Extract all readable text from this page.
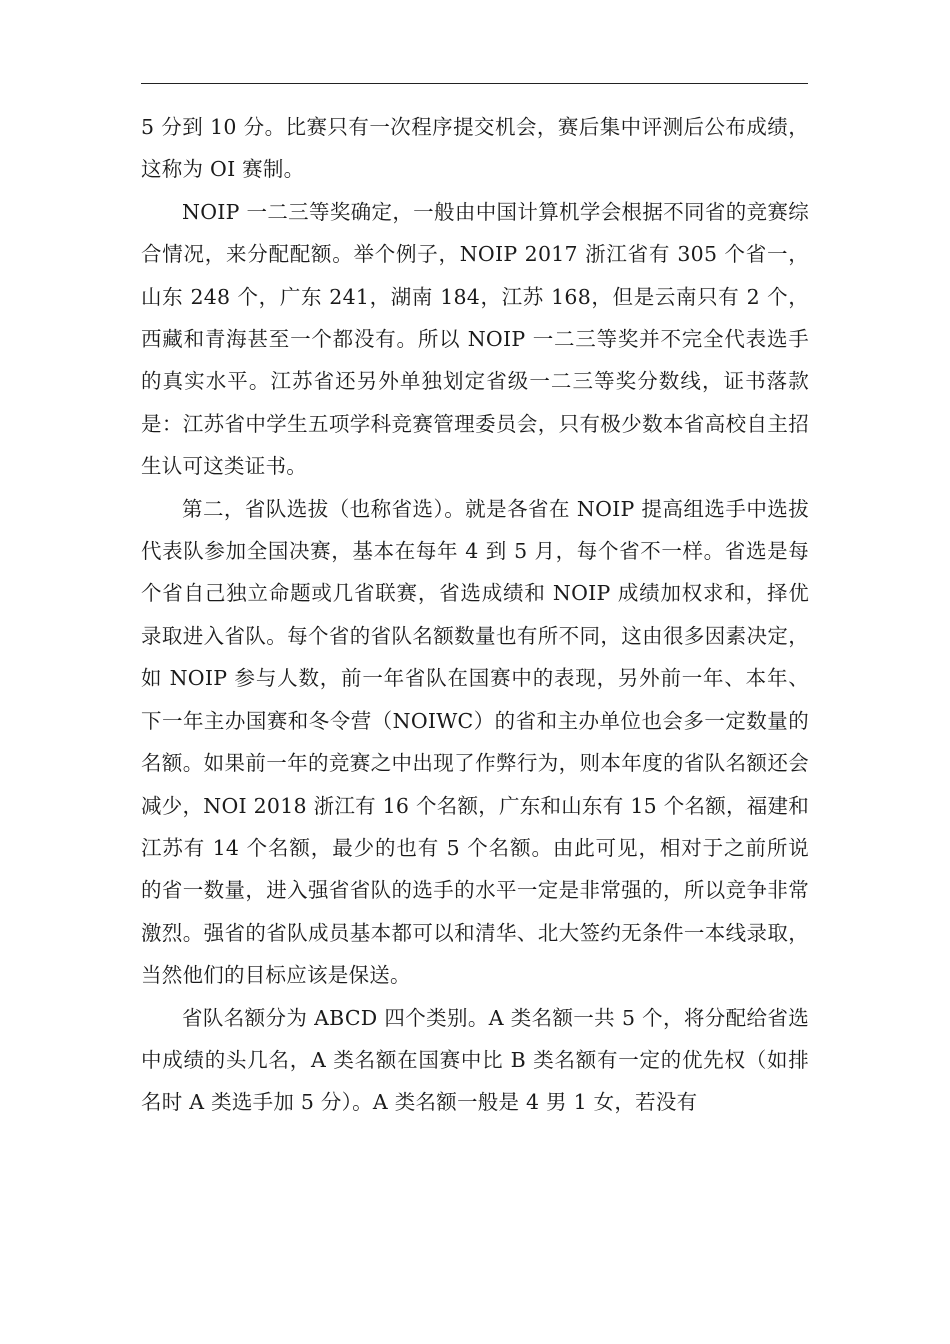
5 分到 10 分。比赛只有一次程序提交机会，赛后集中评测后公布成绩，这称为 OI 赛制。

NOIP 一二三等奖确定，一般由中国计算机学会根据不同省的竞赛综合情况，来分配配额。举个例子，NOIP 2017 浙江省有 305 个省一，山东 248 个，广东 241，湖南 184，江苏 168，但是云南只有 2 个，西藏和青海甚至一个都没有。所以 NOIP 一二三等奖并不完全代表选手的真实水平。江苏省还另外单独划定省级一二三等奖分数线，证书落款是：江苏省中学生五项学科竞赛管理委员会，只有极少数本省高校自主招生认可这类证书。

第二，省队选拔（也称省选）。就是各省在 NOIP 提高组选手中选拔代表队参加全国决赛，基本在每年 4 到 5 月，每个省不一样。省选是每个省自己独立命题或几省联赛，省选成绩和 NOIP 成绩加权求和，择优录取进入省队。每个省的省队名额数量也有所不同，这由很多因素决定，如 NOIP 参与人数，前一年省队在国赛中的表现，另外前一年、本年、下一年主办国赛和冬令营（NOIWC）的省和主办单位也会多一定数量的名额。如果前一年的竞赛之中出现了作弊行为，则本年度的省队名额还会减少，NOI 2018 浙江有 16 个名额，广东和山东有 15 个名额，福建和江苏有 14 个名额，最少的也有 5 个名额。由此可见，相对于之前所说的省一数量，进入强省省队的选手的水平一定是非常强的，所以竞争非常激烈。强省的省队成员基本都可以和清华、北大签约无条件一本线录取，当然他们的目标应该是保送。

省队名额分为 ABCD 四个类别。A 类名额一共 5 个，将分配给省选中成绩的头几名，A 类名额在国赛中比 B 类名额有一定的优先权（如排名时 A 类选手加 5 分）。A 类名额一般是 4 男 1 女，若没有
